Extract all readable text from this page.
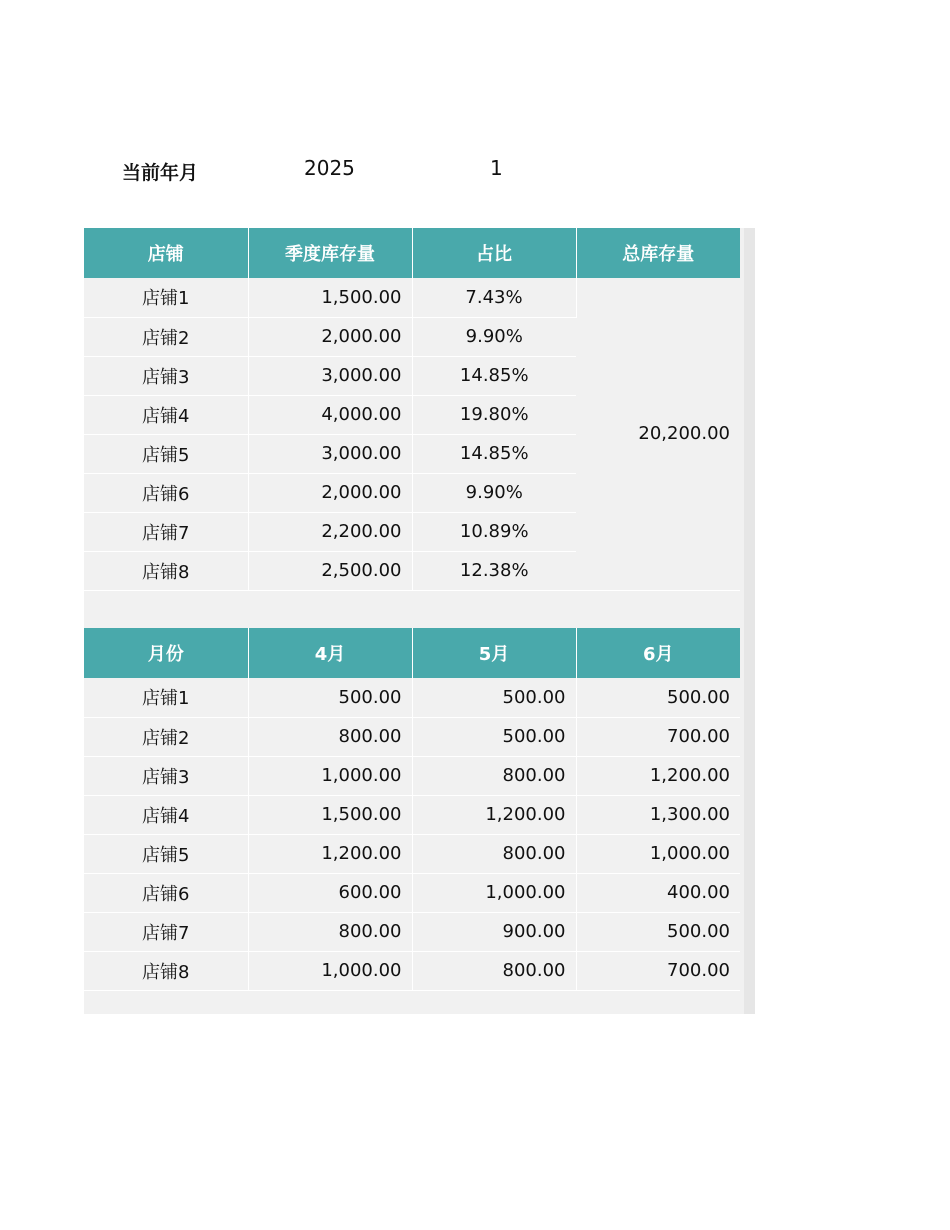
当前年月	2025	1
店铺	季度库存量	占比	总库存量
店铺1	1,500.00	7.43%	20,200.00
店铺2	2,000.00	9.90%	
店铺3	3,000.00	14.85%	
店铺4	4,000.00	19.80%	
店铺5	3,000.00	14.85%	
店铺6	2,000.00	9.90%	
店铺7	2,200.00	10.89%	
店铺8	2,500.00	12.38%	
月份	4月	5月	6月
店铺1	500.00	500.00	500.00
店铺2	800.00	500.00	700.00
店铺3	1,000.00	800.00	1,200.00
店铺4	1,500.00	1,200.00	1,300.00
店铺5	1,200.00	800.00	1,000.00
店铺6	600.00	1,000.00	400.00
店铺7	800.00	900.00	500.00
店铺8	1,000.00	800.00	700.00
